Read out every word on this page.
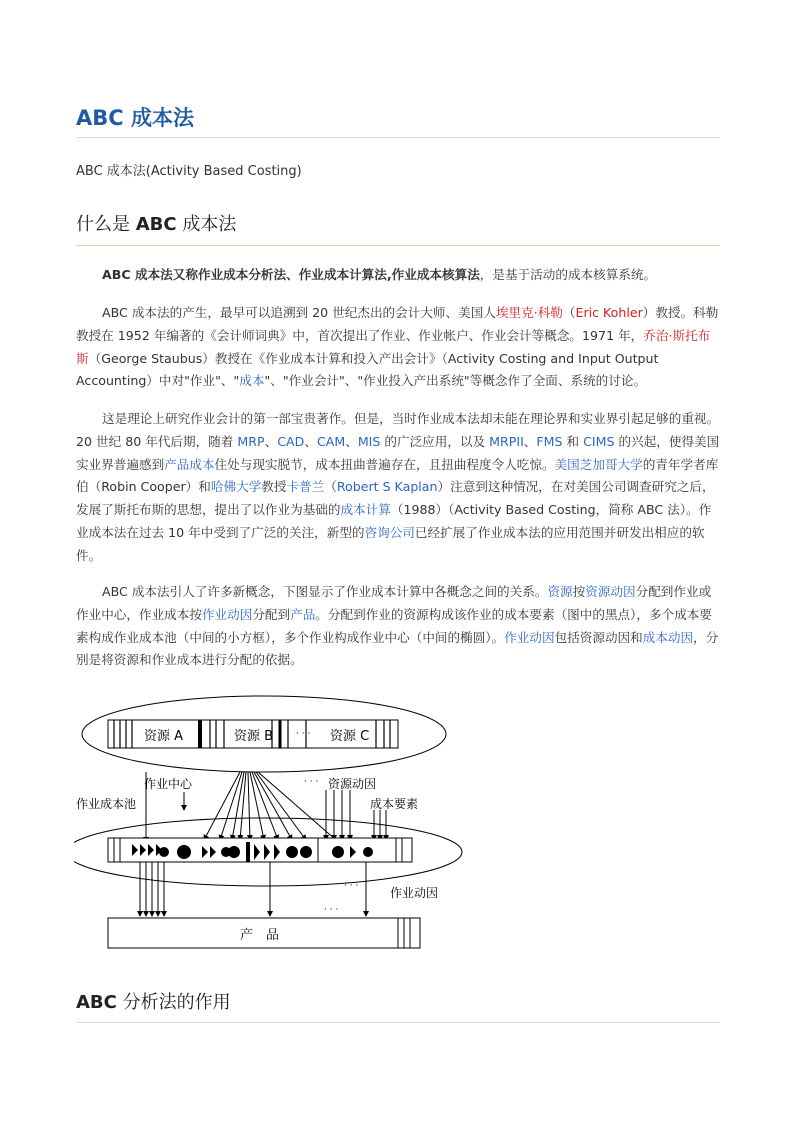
ABC 成本法
ABC 成本法(Activity Based Costing)
什么是 ABC 成本法

ABC 成本法又称作业成本分析法、作业成本计算法,作业成本核算法，是基于活动的成本核算系统。

ABC 成本法的产生，最早可以追溯到 20 世纪杰出的会计大师、美国人埃里克·科勒（Eric Kohler）教授。科勒教授在 1952 年编著的《会计师词典》中，首次提出了作业、作业帐户、作业会计等概念。1971 年，乔治·斯托布斯（George Staubus）教授在《作业成本计算和投入产出会计》（Activity Costing and Input Output Accounting）中对"作业"、"成本"、"作业会计"、"作业投入产出系统"等概念作了全面、系统的讨论。

这是理论上研究作业会计的第一部宝贵著作。但是，当时作业成本法却未能在理论界和实业界引起足够的重视。20 世纪 80 年代后期，随着 MRP、CAD、CAM、MIS 的广泛应用，以及 MRPII、FMS 和 CIMS 的兴起，使得美国实业界普遍感到产品成本住处与现实脱节，成本扭曲普遍存在，且扭曲程度令人吃惊。美国芝加哥大学的青年学者库伯（Robin Cooper）和哈佛大学教授卡普兰（Robert S Kaplan）注意到这种情况，在对美国公司调查研究之后，发展了斯托布斯的思想，提出了以作业为基础的成本计算（1988）（Activity Based Costing，简称 ABC 法）。作业成本法在过去 10 年中受到了广泛的关注，新型的咨询公司已经扩展了作业成本法的应用范围并研发出相应的软件。

ABC 成本法引人了许多新概念，下图显示了作业成本计算中各概念之间的关系。资源按资源动因分配到作业或作业中心，作业成本按作业动因分配到产品。分配到作业的资源构成该作业的成本要素（图中的黑点），多个成本要素构成作业成本池（中间的小方框），多个作业构成作业中心（中间的椭圆）。作业动因包括资源动因和成本动因，分别是将资源和作业成本进行分配的依据。

ABC 分析法的作用
资源 A	资源 B	· · · 资源 C
作业中心	· · · 资源动因
作业成本池	成本要素
· · ·	作业动因
· · ·
产　品
